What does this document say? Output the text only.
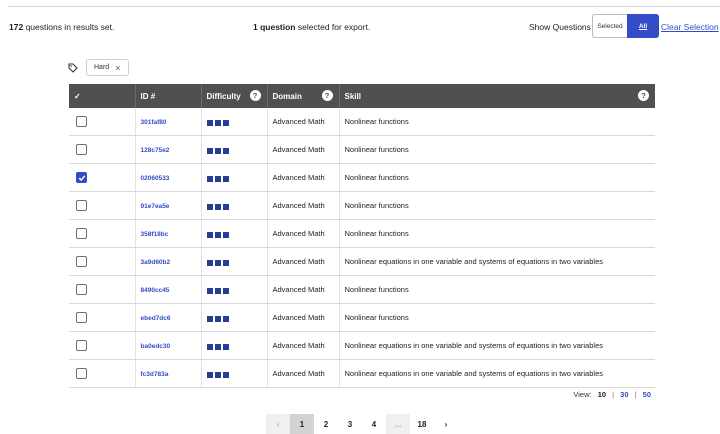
172 questions in results set.	1 question selected for export.	Show Questions Selected	All	Clear Selection
Hard ×
✓	ID #	Difficulty ?	Domain ?	Skill ?

	301faf80		Advanced Math	Nonlinear functions

	128c75e2		Advanced Math	Nonlinear functions

	02060533		Advanced Math	Nonlinear functions

	91e7ea5e		Advanced Math	Nonlinear functions

	358f18bc		Advanced Math	Nonlinear functions

	3a9d60b2		Advanced Math	Nonlinear equations in one variable and systems of equations in two variables

	8490cc45		Advanced Math	Nonlinear functions

	ebed7dc6		Advanced Math	Nonlinear functions

	ba0edc30		Advanced Math	Nonlinear equations in one variable and systems of equations in two variables

	fc3d783a		Advanced Math	Nonlinear equations in one variable and systems of equations in two variables
View: 10 | 30 | 50
‹	1	2	3	4	...	18	›
